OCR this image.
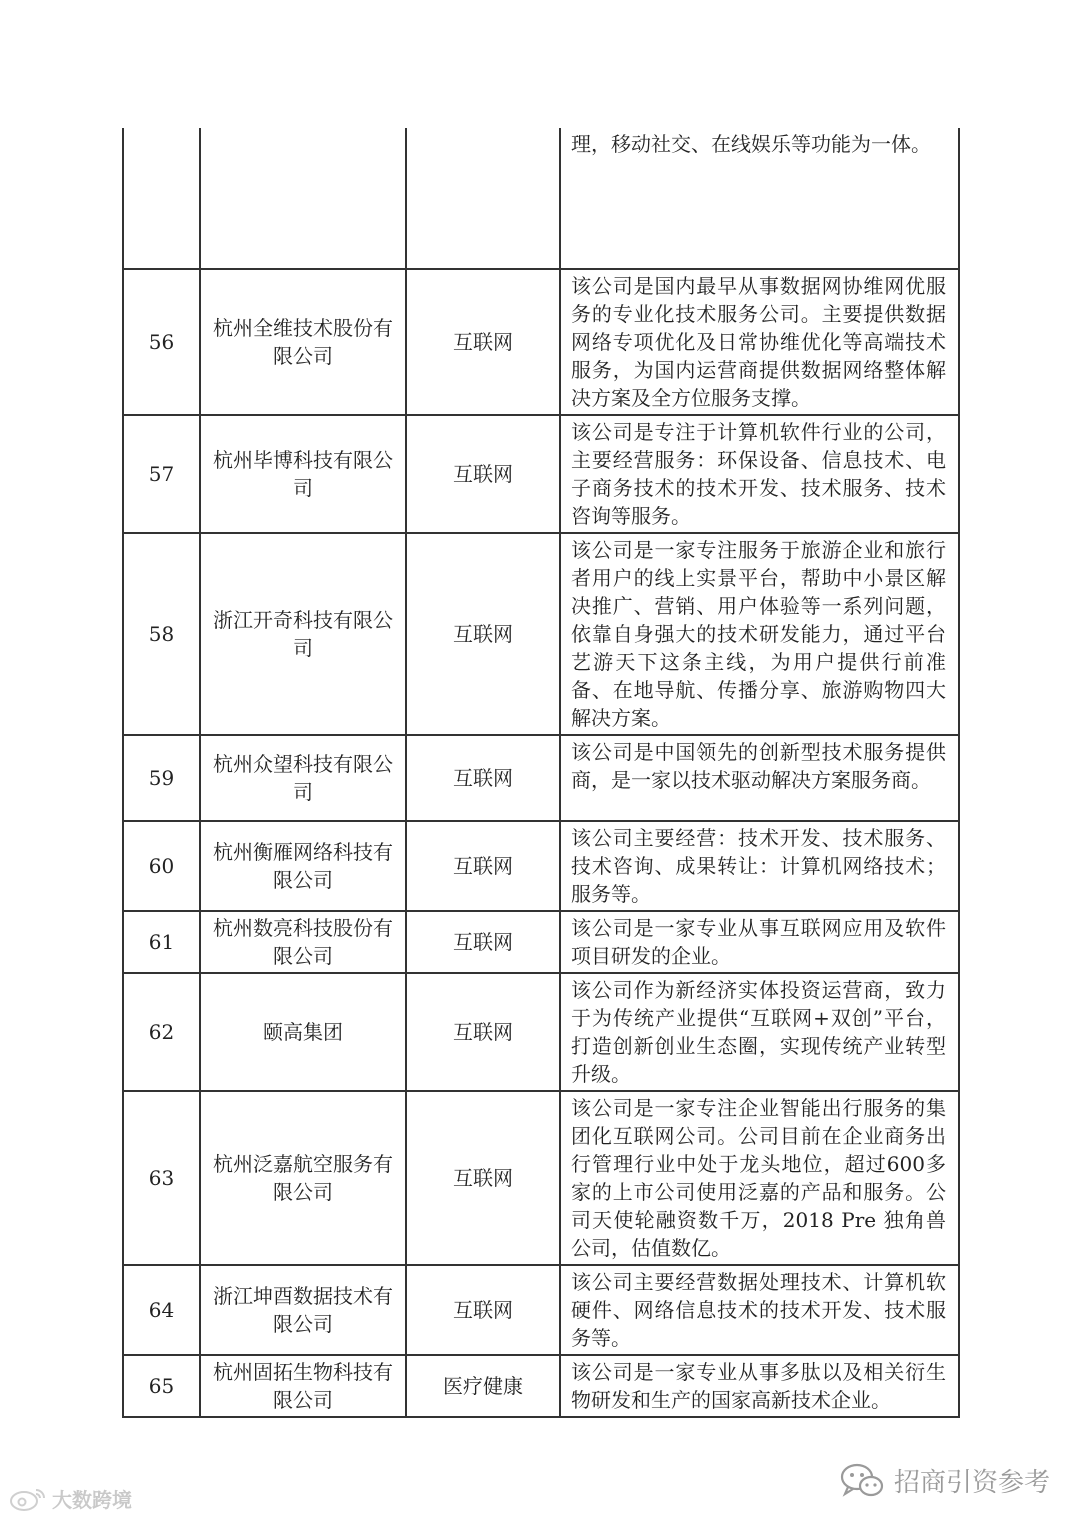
			理，移动社交、在线娱乐等功能为一体。
56	杭州全维技术股份有限公司	互联网	该公司是国内最早从事数据网协维网优服务的专业化技术服务公司。主要提供数据网络专项优化及日常协维优化等高端技术服务，为国内运营商提供数据网络整体解决方案及全方位服务支撑。
57	杭州毕博科技有限公司	互联网	该公司是专注于计算机软件行业的公司，主要经营服务：环保设备、信息技术、电子商务技术的技术开发、技术服务、技术咨询等服务。
58	浙江开奇科技有限公司	互联网	该公司是一家专注服务于旅游企业和旅行者用户的线上实景平台，帮助中小景区解决推广、营销、用户体验等一系列问题，依靠自身强大的技术研发能力，通过平台艺游天下这条主线，为用户提供行前准备、在地导航、传播分享、旅游购物四大解决方案。
59	杭州众望科技有限公司	互联网	该公司是中国领先的创新型技术服务提供商，是一家以技术驱动解决方案服务商。
60	杭州衡雁网络科技有限公司	互联网	该公司主要经营：技术开发、技术服务、技术咨询、成果转让：计算机网络技术；服务等。
61	杭州数亮科技股份有限公司	互联网	该公司是一家专业从事互联网应用及软件项目研发的企业。
62	颐高集团	互联网	该公司作为新经济实体投资运营商，致力于为传统产业提供“互联网+双创”平台，打造创新创业生态圈，实现传统产业转型升级。
63	杭州泛嘉航空服务有限公司	互联网	该公司是一家专注企业智能出行服务的集团化互联网公司。公司目前在企业商务出行管理行业中处于龙头地位，超过600多家的上市公司使用泛嘉的产品和服务。公司天使轮融资数千万，2018 Pre 独角兽公司，估值数亿。
64	浙江坤酉数据技术有限公司	互联网	该公司主要经营数据处理技术、计算机软硬件、网络信息技术的技术开发、技术服务等。
65	杭州固拓生物科技有限公司	医疗健康	该公司是一家专业从事多肽以及相关衍生物研发和生产的国家高新技术企业。
大数跨境
招商引资参考
